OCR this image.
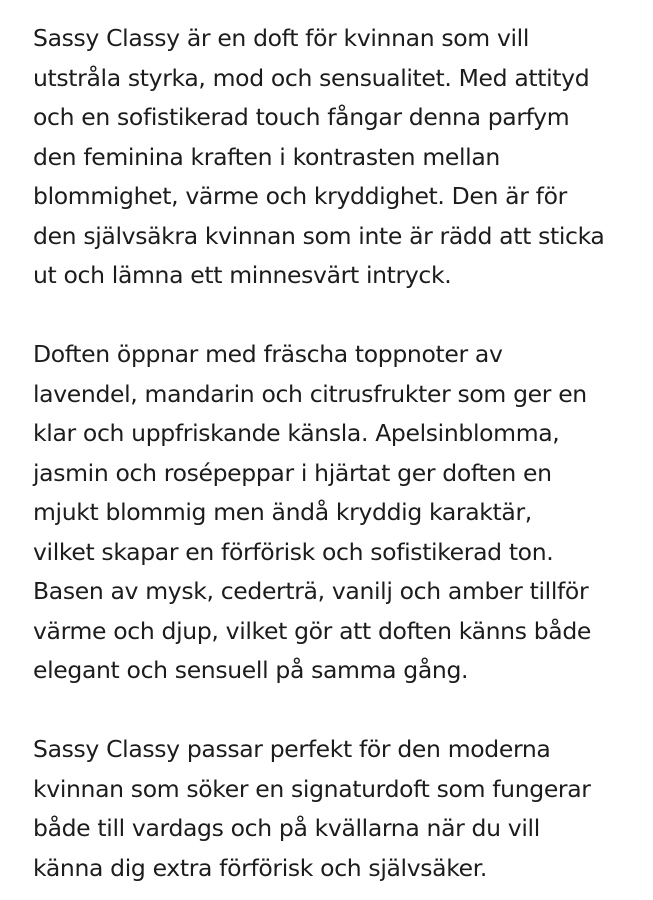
Sassy Classy är en doft för kvinnan som vill
utstråla styrka, mod och sensualitet. Med attityd
och en sofistikerad touch fångar denna parfym
den feminina kraften i kontrasten mellan
blommighet, värme och kryddighet. Den är för
den självsäkra kvinnan som inte är rädd att sticka
ut och lämna ett minnesvärt intryck.

Doften öppnar med fräscha toppnoter av
lavendel, mandarin och citrusfrukter som ger en
klar och uppfriskande känsla. Apelsinblomma,
jasmin och rosépeppar i hjärtat ger doften en
mjukt blommig men ändå kryddig karaktär,
vilket skapar en förförisk och sofistikerad ton.
Basen av mysk, cederträ, vanilj och amber tillför
värme och djup, vilket gör att doften känns både
elegant och sensuell på samma gång.

Sassy Classy passar perfekt för den moderna
kvinnan som söker en signaturdoft som fungerar
både till vardags och på kvällarna när du vill
känna dig extra förförisk och självsäker.
